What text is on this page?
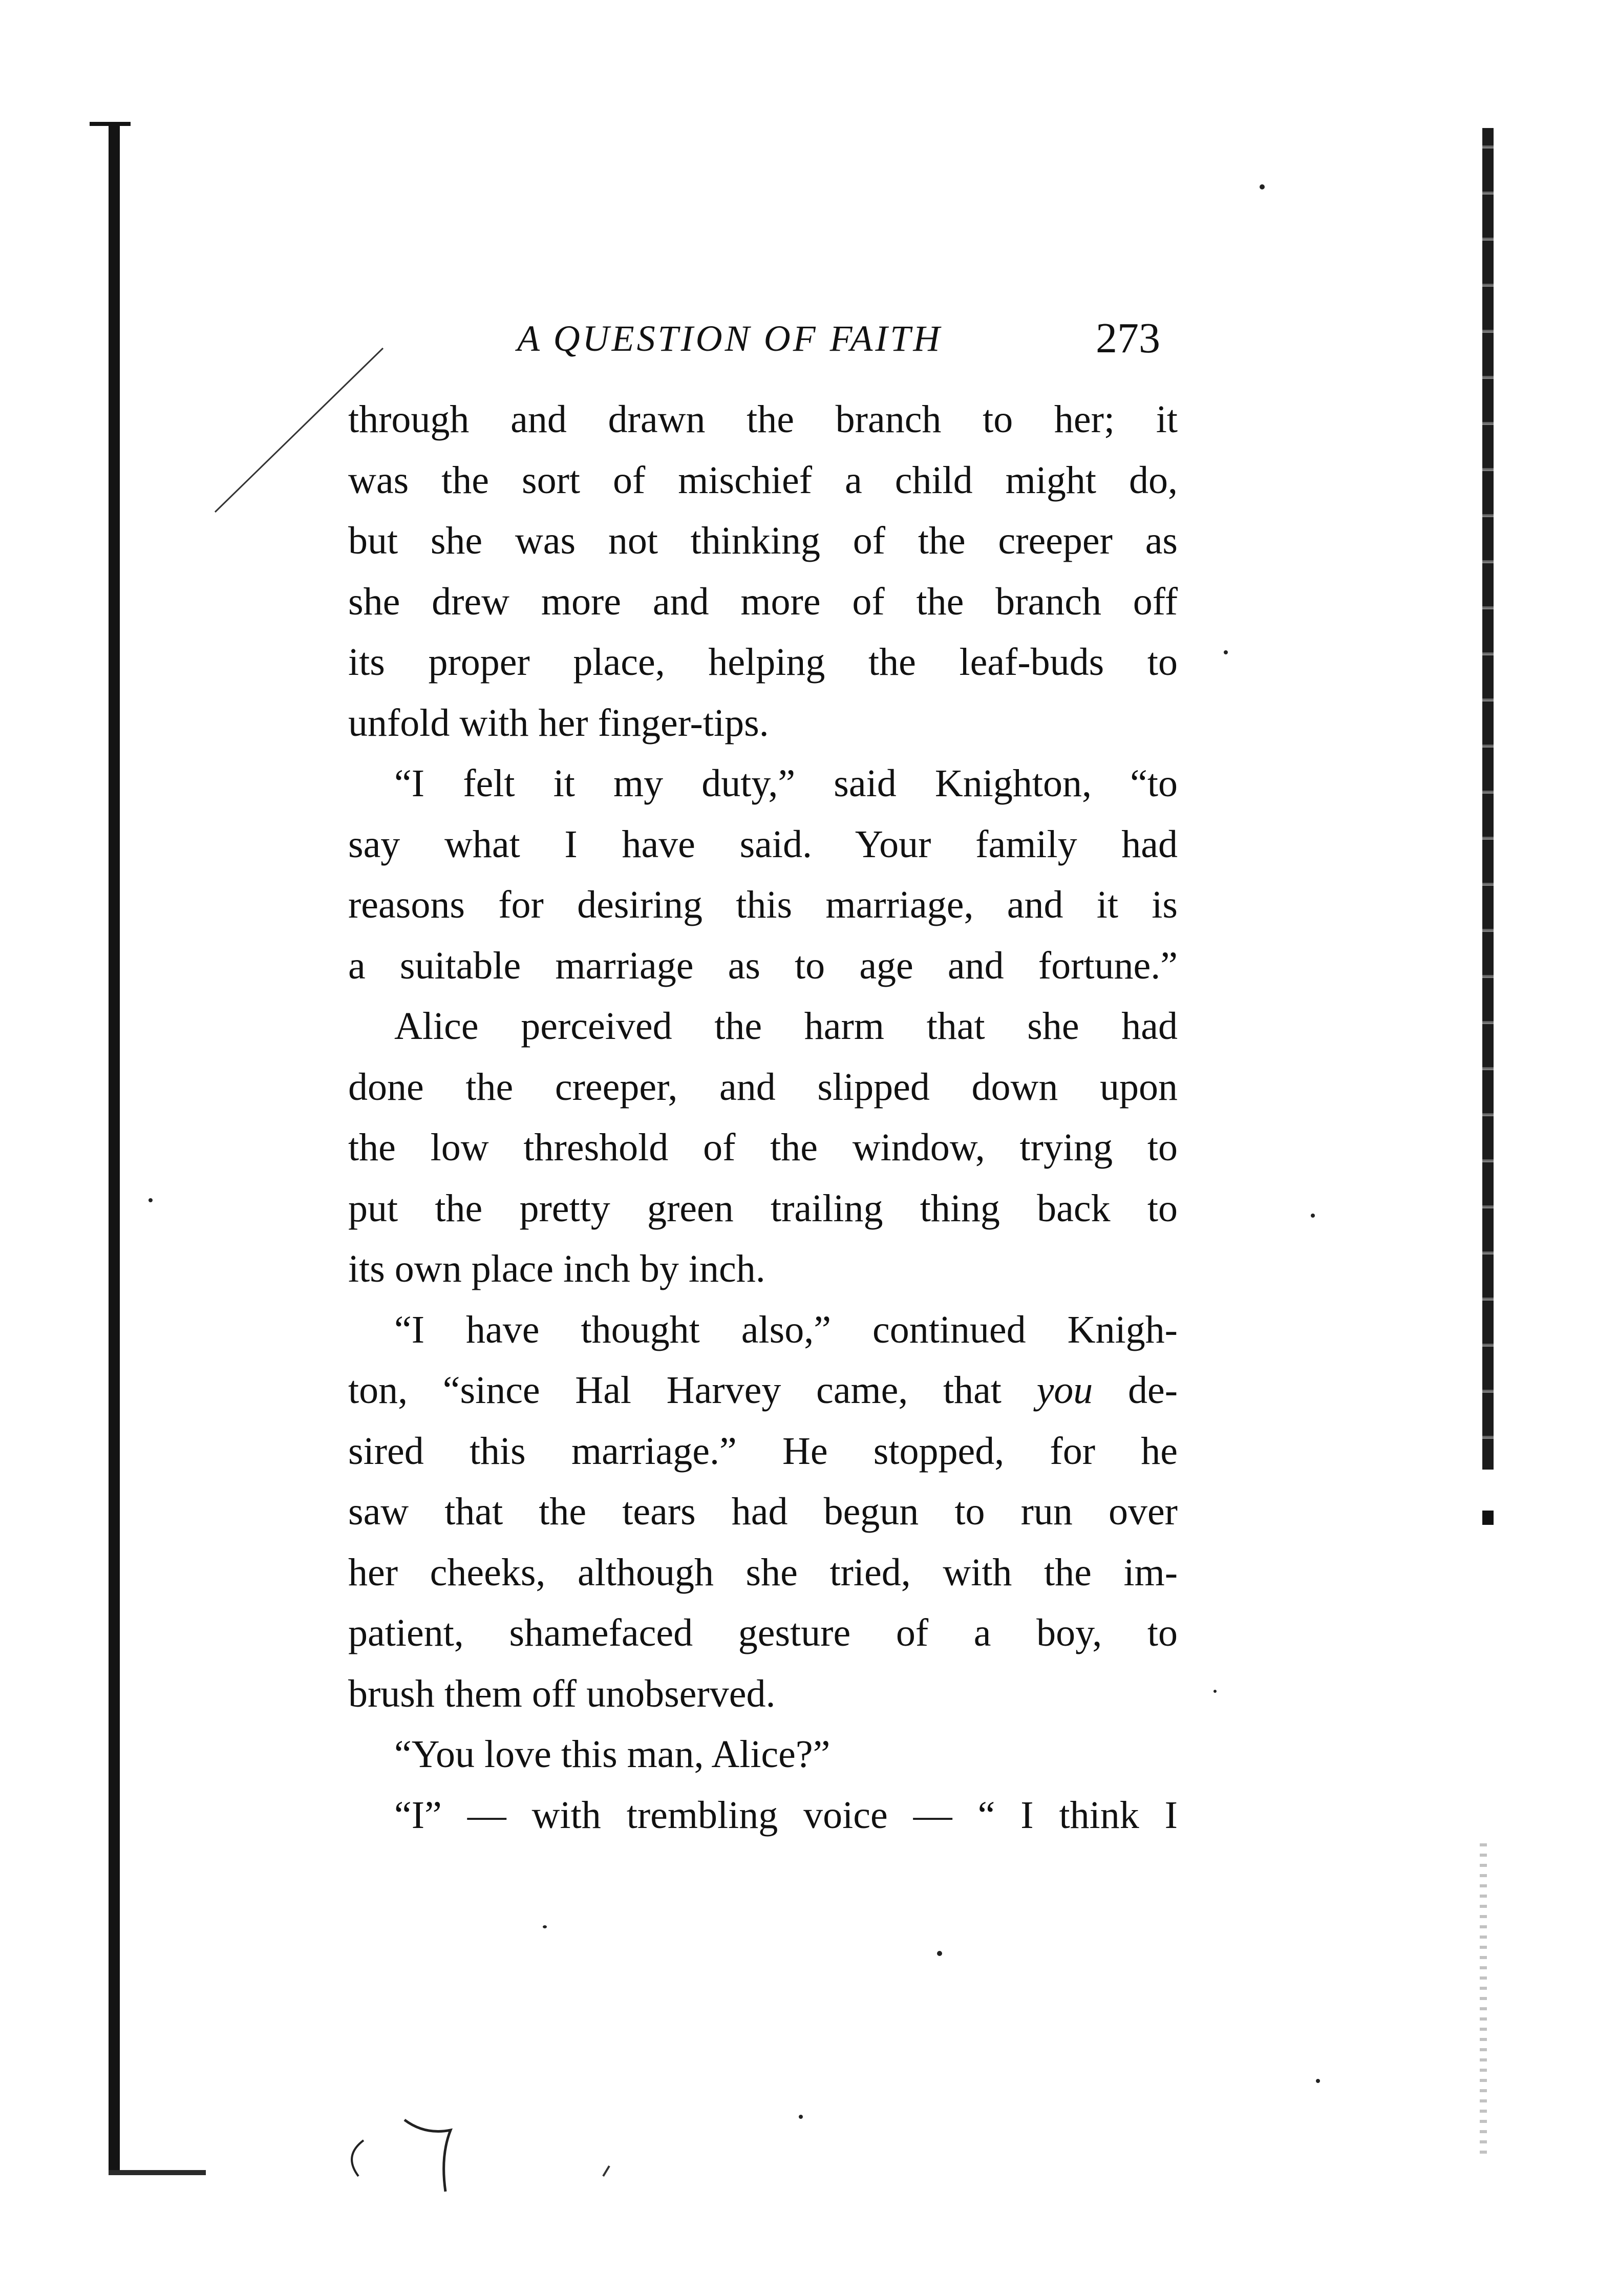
A QUESTION OF FAITH	273
through and drawn the branch to her; it
was the sort of mischief a child might do,
but she was not thinking of the creeper as
she drew more and more of the branch off
its proper place, helping the leaf-buds to
unfold with her finger-tips.
“I felt it my duty,” said Knighton, “to
say what I have said. Your family had
reasons for desiring this marriage, and it is
a suitable marriage as to age and fortune.”
Alice perceived the harm that she had
done the creeper, and slipped down upon
the low threshold of the window, trying to
put the pretty green trailing thing back to
its own place inch by inch.
“I have thought also,” continued Knigh-
ton, “since Hal Harvey came, that you de-
sired this marriage.” He stopped, for he
saw that the tears had begun to run over
her cheeks, although she tried, with the im-
patient, shamefaced gesture of a boy, to
brush them off unobserved.
“You love this man, Alice?”
“I” — with trembling voice — “ I think I
